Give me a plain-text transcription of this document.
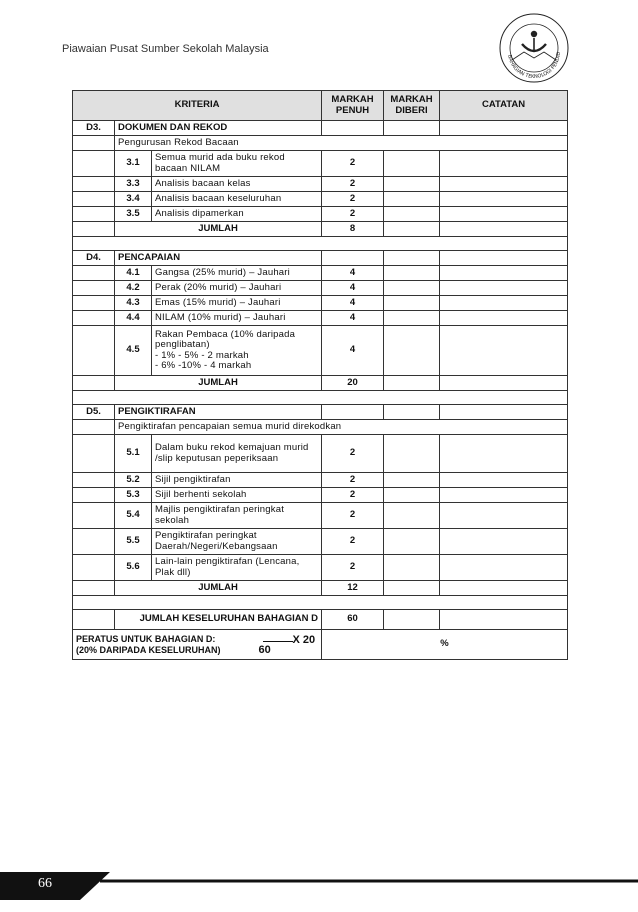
Piawaian Pusat Sumber Sekolah Malaysia
BAHAGIAN TEKNOLOGI PENDID
KRITERIA			MARKAH PENUH	MARKAH DIBERI	CATATAN
D3.	DOKUMEN DAN REKOD				
	Pengurusan Rekod Bacaan				
	3.1	Semua murid ada buku rekod bacaan NILAM	2		
	3.3	Analisis bacaan kelas	2		
	3.4	Analisis bacaan keseluruhan	2		
	3.5	Analisis dipamerkan	2		
	JUMLAH		8		

D4.	PENCAPAIAN				
	4.1	Gangsa (25% murid) – Jauhari	4		
	4.2	Perak (20% murid) – Jauhari	4		
	4.3	Emas (15% murid) – Jauhari	4		
	4.4	NILAM (10% murid) – Jauhari	4		
	4.5	Rakan Pembaca (10% daripada penglibatan)
- 1% - 5% - 2 markah
- 6% -10% - 4 markah	4		
	JUMLAH		20		

D5.	PENGIKTIRAFAN				
	Pengiktirafan pencapaian semua murid direkodkan				
	5.1	Dalam buku rekod kemajuan murid /slip keputusan peperiksaan	2		
	5.2	Sijil pengiktirafan	2		
	5.3	Sijil berhenti sekolah	2		
	5.4	Majlis pengiktirafan peringkat sekolah	2		
	5.5	Pengiktirafan peringkat Daerah/Negeri/Kebangsaan	2		
	5.6	Lain-lain pengiktirafan (Lencana, Plak dll)	2		
	JUMLAH		12		

	JUMLAH KESELURUHAN BAHAGIAN D		60		
PERATUS UNTUK BAHAGIAN D:
(20% DARIPADA KESELURUHAN)		X 20
60	%		
66
